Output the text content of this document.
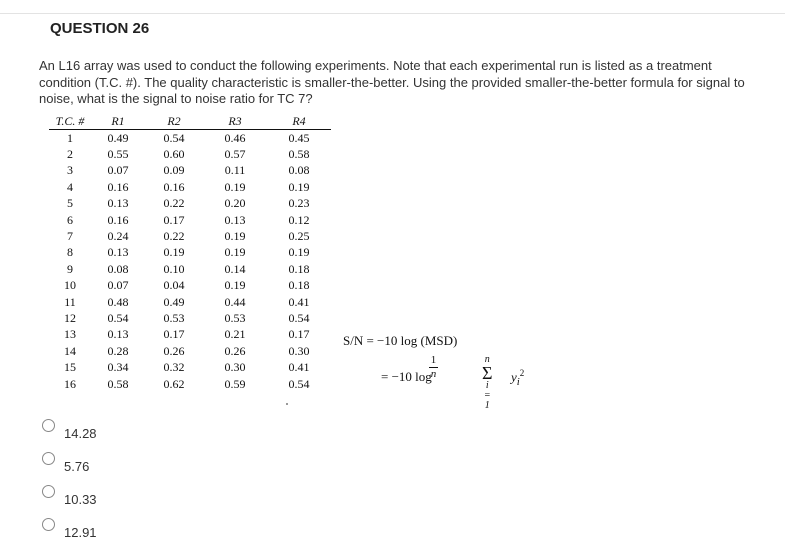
QUESTION 26
An L16 array was used to conduct the following experiments. Note that each experimental run is listed as a treatment condition (T.C. #). The quality characteristic is smaller-the-better. Using the provided smaller-the-better formula for signal to noise, what is the signal to noise ratio for TC 7?
T.C. #	R1	R2	R3	R4
1	0.49	0.54	0.46	0.45
2	0.55	0.60	0.57	0.58
3	0.07	0.09	0.11	0.08
4	0.16	0.16	0.19	0.19
5	0.13	0.22	0.20	0.23
6	0.16	0.17	0.13	0.12
7	0.24	0.22	0.19	0.25
8	0.13	0.19	0.19	0.19
9	0.08	0.10	0.14	0.18
10	0.07	0.04	0.19	0.18
11	0.48	0.49	0.44	0.41
12	0.54	0.53	0.53	0.54
13	0.13	0.17	0.21	0.17
14	0.28	0.26	0.26	0.30
15	0.34	0.32	0.30	0.41
16	0.58	0.62	0.59	0.54
S/N = −10 log (MSD)
= −10 log
1
n
n
Σ
i = 1
$y_i^2$
14.28
5.76
10.33
12.91
